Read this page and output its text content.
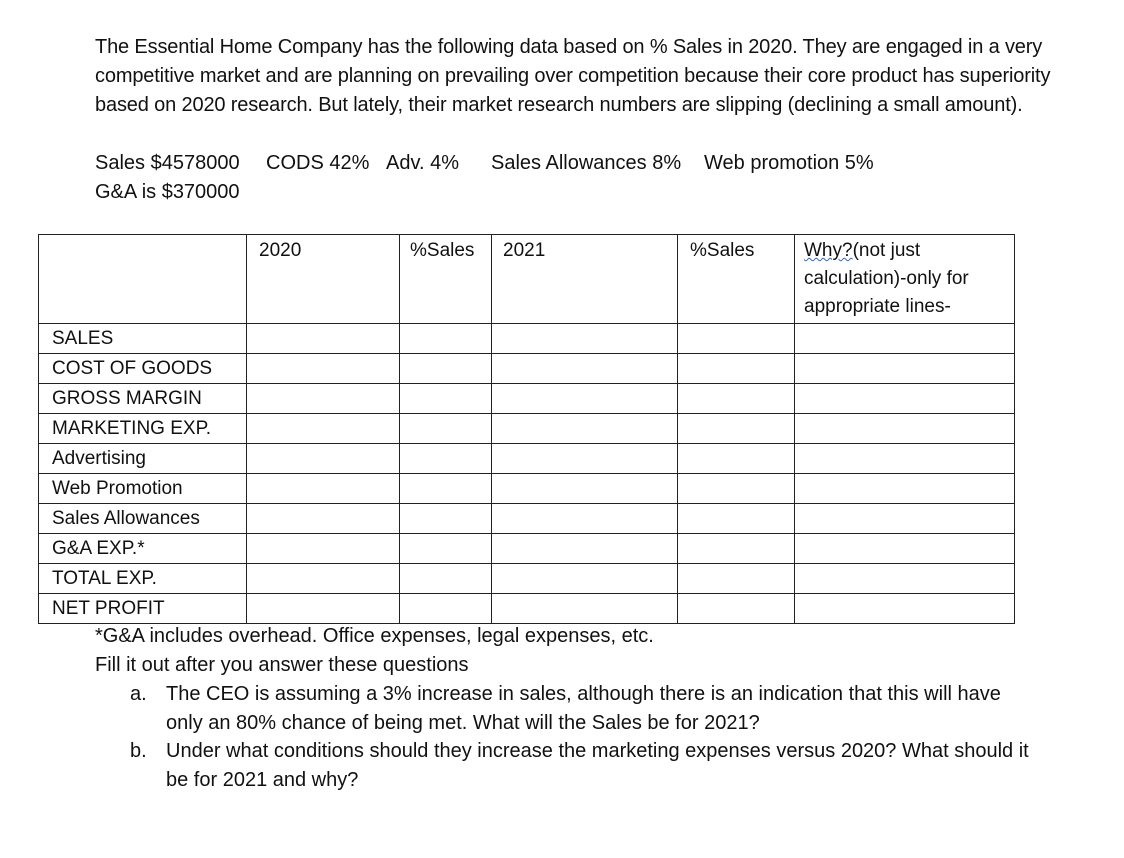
The Essential Home Company has the following data based on % Sales in 2020. They are engaged in a very competitive market and are planning on prevailing over competition because their core product has superiority based on 2020 research. But lately, their market research numbers are slipping (declining a small amount).

Sales $4578000

CODS 42%

Adv. 4%

Sales Allowances 8%

Web promotion 5%

G&A is $370000

	2020	%Sales	2021	%Sales	Why?(not just calculation)-only for appropriate lines-
SALES					
COST OF GOODS					
GROSS MARGIN					
MARKETING EXP.					
Advertising					
Web Promotion					
Sales Allowances					
G&A EXP.*					
TOTAL EXP.					
NET PROFIT					

*G&A includes overhead. Office expenses, legal expenses, etc.

Fill it out after you answer these questions

a. The CEO is assuming a 3% increase in sales, although there is an indication that this will have only an 80% chance of being met. What will the Sales be for 2021?
b. Under what conditions should they increase the marketing expenses versus 2020? What should it be for 2021 and why?
